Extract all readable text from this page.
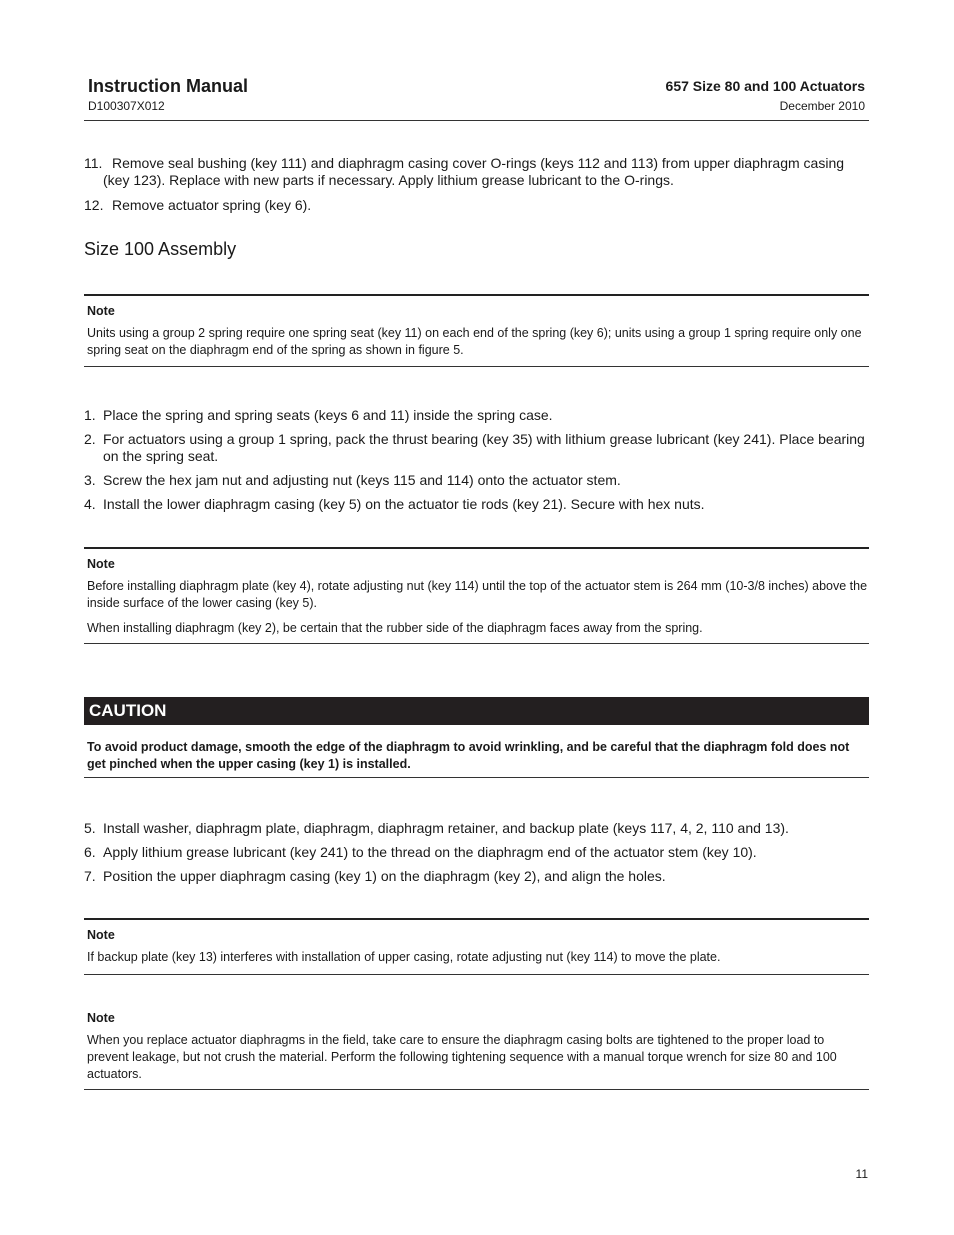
Instruction Manual
D100307X012
657 Size 80 and 100 Actuators
December 2010
11. Remove seal bushing (key 111) and diaphragm casing cover O-rings (keys 112 and 113) from upper diaphragm casing (key 123). Replace with new parts if necessary. Apply lithium grease lubricant to the O-rings.
12. Remove actuator spring (key 6).
Size 100 Assembly
Note
Units using a group 2 spring require one spring seat (key 11) on each end of the spring (key 6); units using a group 1 spring require only one spring seat on the diaphragm end of the spring as shown in figure 5.
1. Place the spring and spring seats (keys 6 and 11) inside the spring case.
2. For actuators using a group 1 spring, pack the thrust bearing (key 35) with lithium grease lubricant (key 241). Place bearing on the spring seat.
3. Screw the hex jam nut and adjusting nut (keys 115 and 114) onto the actuator stem.
4. Install the lower diaphragm casing (key 5) on the actuator tie rods (key 21). Secure with hex nuts.
Note
Before installing diaphragm plate (key 4), rotate adjusting nut (key 114) until the top of the actuator stem is 264 mm (10-3/8 inches) above the inside surface of the lower casing (key 5).
When installing diaphragm (key 2), be certain that the rubber side of the diaphragm faces away from the spring.
CAUTION
To avoid product damage, smooth the edge of the diaphragm to avoid wrinkling, and be careful that the diaphragm fold does not get pinched when the upper casing (key 1) is installed.
5. Install washer, diaphragm plate, diaphragm, diaphragm retainer, and backup plate (keys 117, 4, 2, 110 and 13).
6. Apply lithium grease lubricant (key 241) to the thread on the diaphragm end of the actuator stem (key 10).
7. Position the upper diaphragm casing (key 1) on the diaphragm (key 2), and align the holes.
Note
If backup plate (key 13) interferes with installation of upper casing, rotate adjusting nut (key 114) to move the plate.
Note
When you replace actuator diaphragms in the field, take care to ensure the diaphragm casing bolts are tightened to the proper load to prevent leakage, but not crush the material. Perform the following tightening sequence with a manual torque wrench for size 80 and 100 actuators.
11
